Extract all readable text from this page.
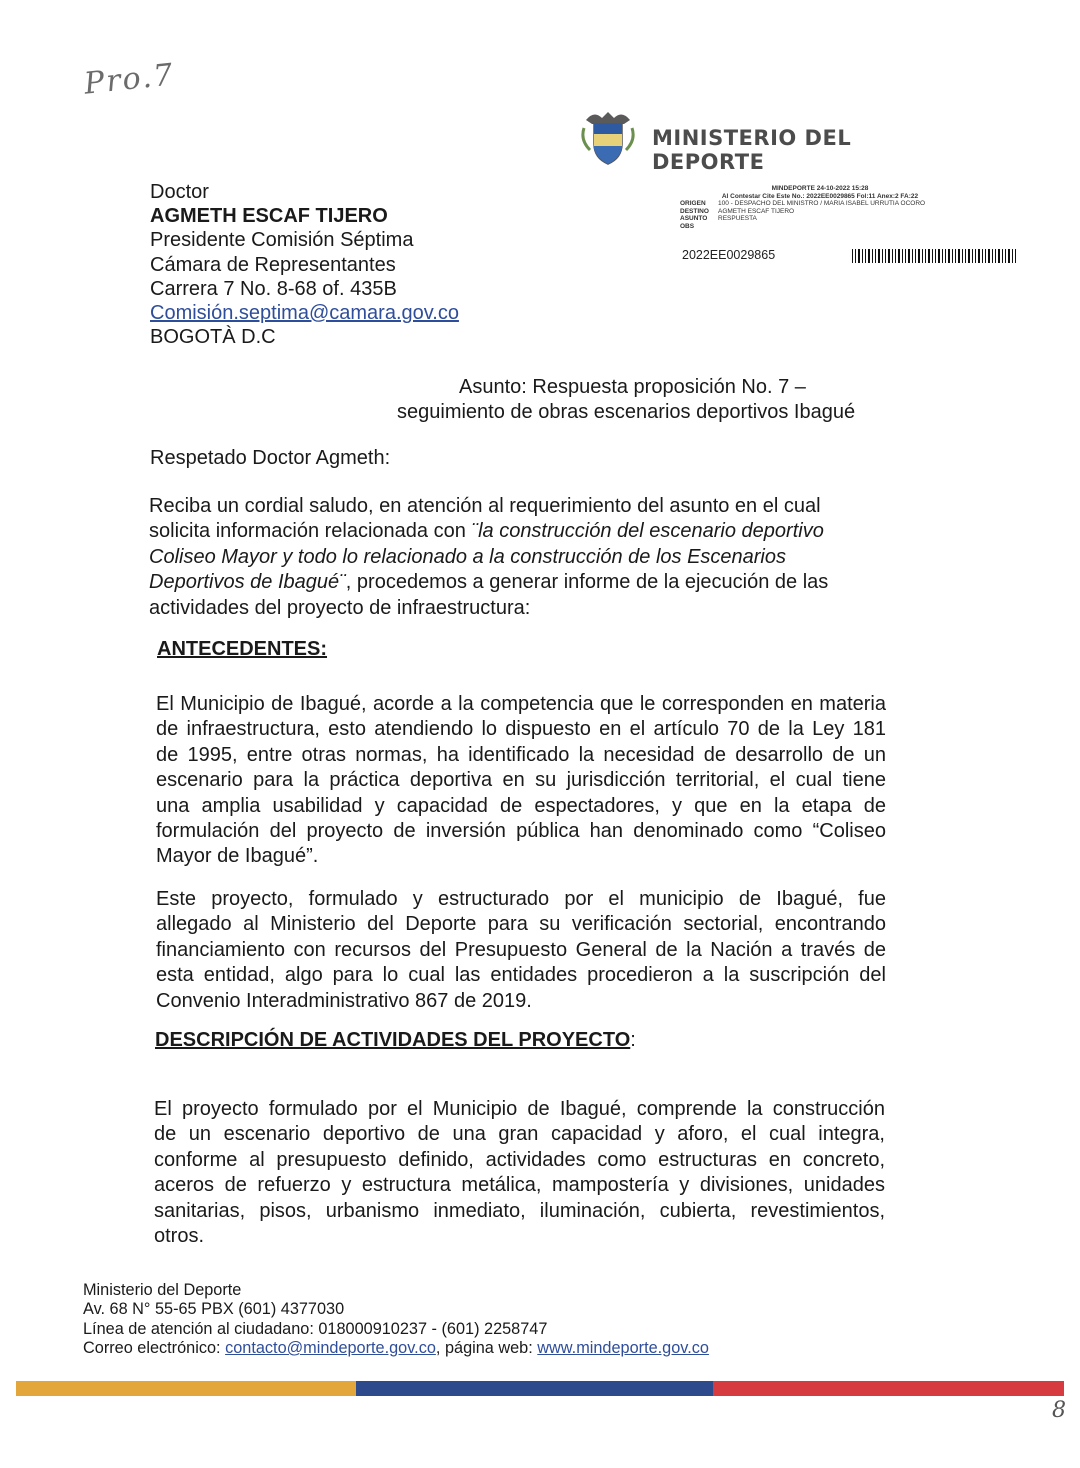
Pro.7
MINISTERIO DEL DEPORTE
Doctor
AGMETH ESCAF TIJERO
Presidente Comisión Séptima
Cámara de Representantes
Carrera 7 No. 8-68 of. 435B
Comisión.septima@camara.gov.co
BOGOTÀ D.C
MINDEPORTE 24-10-2022 15:28
Al Contestar Cite Este No.: 2022EE0029865 Fol:11 Anex:2 FA:22
ORIGEN	100 - DESPACHO DEL MINISTRO / MARIA ISABEL URRUTIA OCORO
DESTINO	AGMETH ESCAF TIJERO
ASUNTO	RESPUESTA
OBS
2022EE0029865
Asunto: Respuesta proposición No. 7 –
seguimiento de obras escenarios deportivos Ibagué
Respetado Doctor Agmeth:
Reciba un cordial saludo, en atención al requerimiento del asunto en el cual
solicita información relacionada con ¨la construcción del escenario deportivo
Coliseo Mayor y todo lo relacionado a la construcción de los Escenarios
Deportivos de Ibagué¨, procedemos a generar informe de la ejecución de las
actividades del proyecto de infraestructura:
ANTECEDENTES:
El Municipio de Ibagué, acorde a la competencia que le corresponden en materia
de infraestructura, esto atendiendo lo dispuesto en el artículo 70 de la Ley 181
de 1995, entre otras normas, ha identificado la necesidad de desarrollo de un
escenario para la práctica deportiva en su jurisdicción territorial, el cual tiene
una amplia usabilidad y capacidad de espectadores, y que en la etapa de
formulación del proyecto de inversión pública han denominado como “Coliseo
Mayor de Ibagué”.
Este proyecto, formulado y estructurado por el municipio de Ibagué, fue
allegado al Ministerio del Deporte para su verificación sectorial, encontrando
financiamiento con recursos del Presupuesto General de la Nación a través de
esta entidad, algo para lo cual las entidades procedieron a la suscripción del
Convenio Interadministrativo 867 de 2019.
DESCRIPCIÓN DE ACTIVIDADES DEL PROYECTO:
El proyecto formulado por el Municipio de Ibagué, comprende la construcción
de un escenario deportivo de una gran capacidad y aforo, el cual integra,
conforme al presupuesto definido, actividades como estructuras en concreto,
aceros de refuerzo y estructura metálica, mampostería y divisiones, unidades
sanitarias, pisos, urbanismo inmediato, iluminación, cubierta, revestimientos,
otros.
Ministerio del Deporte
Av. 68 N° 55-65 PBX (601) 4377030
Línea de atención al ciudadano: 018000910237 - (601) 2258747
Correo electrónico: contacto@mindeporte.gov.co, página web: www.mindeporte.gov.co
8
